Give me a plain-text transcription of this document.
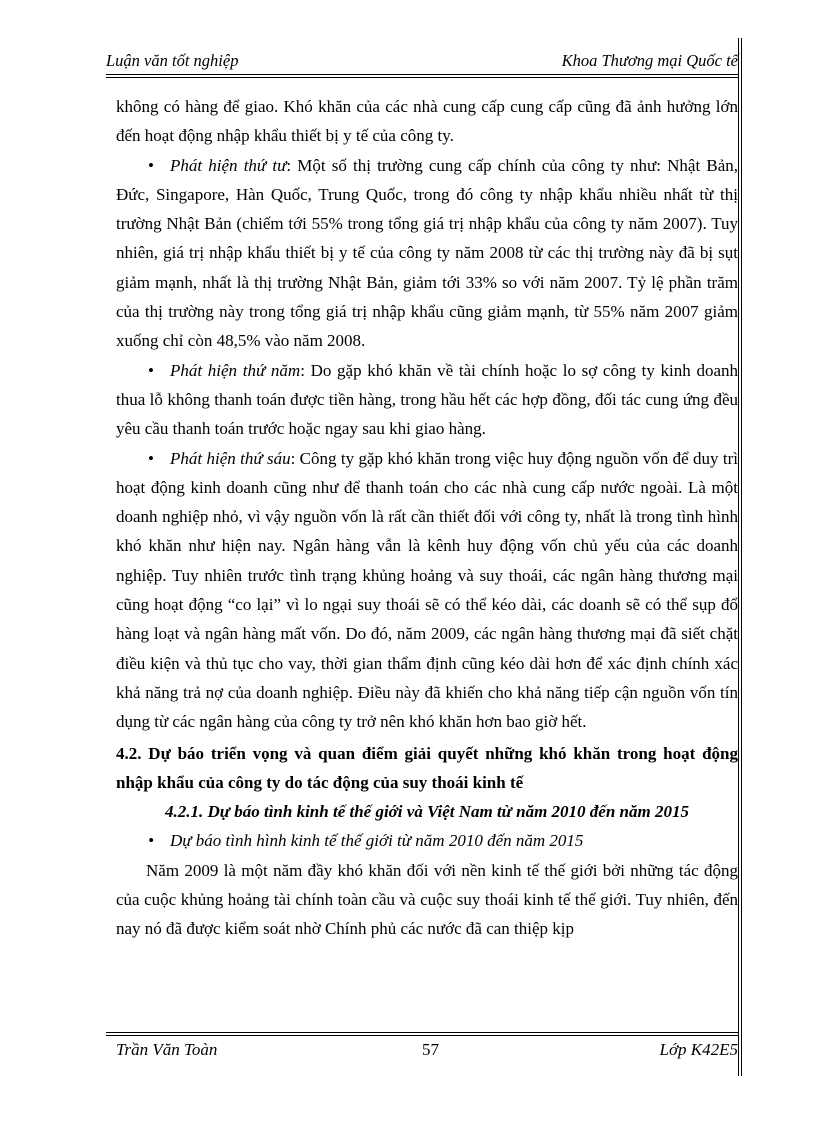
Luận văn tốt nghiệp	Khoa Thương mại Quốc tế

không có hàng để giao. Khó khăn của các nhà cung cấp cung cấp cũng đã ảnh hưởng lớn đến hoạt động nhập khẩu thiết bị y tế của công ty.

• Phát hiện thứ tư: Một số thị trường cung cấp chính của công ty như: Nhật Bản, Đức, Singapore, Hàn Quốc, Trung Quốc, trong đó công ty nhập khẩu nhiều nhất từ thị trường Nhật Bản (chiếm tới 55% trong tổng giá trị nhập khẩu của công ty năm 2007). Tuy nhiên, giá trị nhập khẩu thiết bị y tế của công ty năm 2008 từ các thị trường này đã bị sụt giảm mạnh, nhất là thị trường Nhật Bản, giảm tới 33% so với năm 2007. Tỷ lệ phần trăm của thị trường này trong tổng giá trị nhập khẩu cũng giảm mạnh, từ 55% năm 2007 giảm xuống chỉ còn 48,5% vào năm 2008.

• Phát hiện thứ năm: Do gặp khó khăn về tài chính hoặc lo sợ công ty kinh doanh thua lỗ không thanh toán được tiền hàng, trong hầu hết các hợp đồng, đối tác cung ứng đều yêu cầu thanh toán trước hoặc ngay sau khi giao hàng.

• Phát hiện thứ sáu: Công ty gặp khó khăn trong việc huy động nguồn vốn để duy trì hoạt động kinh doanh cũng như để thanh toán cho các nhà cung cấp nước ngoài. Là một doanh nghiệp nhỏ, vì vậy nguồn vốn là rất cần thiết đối với công ty, nhất là trong tình hình khó khăn như hiện nay. Ngân hàng vẫn là kênh huy động vốn chủ yếu của các doanh nghiệp. Tuy nhiên trước tình trạng khủng hoảng và suy thoái, các ngân hàng thương mại cũng hoạt động “co lại” vì lo ngại suy thoái sẽ có thể kéo dài, các doanh sẽ có thể sụp đổ hàng loạt và ngân hàng mất vốn. Do đó, năm 2009, các ngân hàng thương mại đã siết chặt điều kiện và thủ tục cho vay, thời gian thẩm định cũng kéo dài hơn để xác định chính xác khả năng trả nợ của doanh nghiệp. Điều này đã khiến cho khả năng tiếp cận nguồn vốn tín dụng từ các ngân hàng của công ty trở nên khó khăn hơn bao giờ hết.

4.2. Dự báo triển vọng và quan điểm giải quyết những khó khăn trong hoạt động nhập khẩu của công ty do tác động của suy thoái kinh tế

4.2.1. Dự báo tình kinh tế thế giới và Việt Nam từ năm 2010 đến năm 2015

• Dự báo tình hình kinh tế thế giới từ năm 2010 đến năm 2015

Năm 2009 là một năm đầy khó khăn đối với nền kinh tế thế giới bởi những tác động của cuộc khủng hoảng tài chính toàn cầu và cuộc suy thoái kinh tế thế giới. Tuy nhiên, đến nay nó đã được kiểm soát nhờ Chính phủ các nước đã can thiệp kịp

Trần Văn Toàn	57	Lớp K42E5
